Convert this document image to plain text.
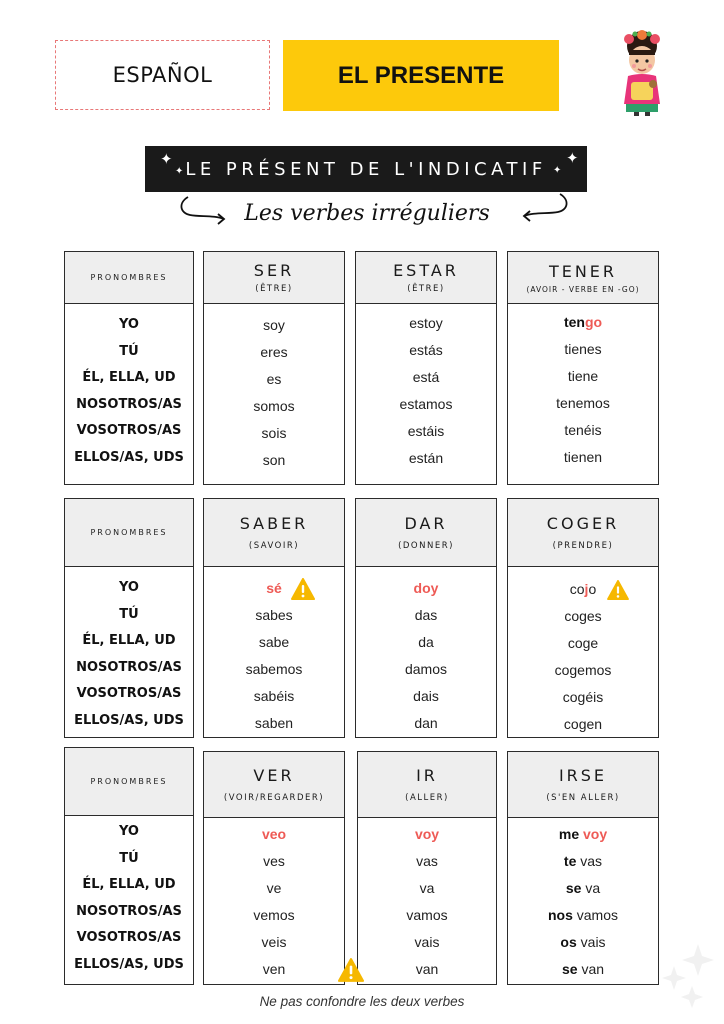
ESPAÑOL	EL PRESENTE
LE PRÉSENT DE L'INDICATIF
✦
✦
✦
✦
Les verbes irréguliers
PRONOMBRES
YO
TÚ
ÉL, ELLA, UD
NOSOTROS/AS
VOSOTROS/AS
ELLOS/AS, UDS
SER
(ÊTRE)
soy
eres
es
somos
sois
son
ESTAR
(ÊTRE)
estoy
estás
está
estamos
estáis
están
TENER
(AVOIR - VERBE EN -GO)
tengo
tienes
tiene
tenemos
tenéis
tienen
PRONOMBRES
YO
TÚ
ÉL, ELLA, UD
NOSOTROS/AS
VOSOTROS/AS
ELLOS/AS, UDS
SABER
(SAVOIR)
sé
sabes
sabe
sabemos
sabéis
saben
DAR
(DONNER)
doy
das
da
damos
dais
dan
COGER
(PRENDRE)
cojo
coges
coge
cogemos
cogéis
cogen
PRONOMBRES
YO
TÚ
ÉL, ELLA, UD
NOSOTROS/AS
VOSOTROS/AS
ELLOS/AS, UDS
VER
(VOIR/REGARDER)
veo
ves
ve
vemos
veis
ven
IR
(ALLER)
voy
vas
va
vamos
vais
van
IRSE
(S'EN ALLER)
me voy
te vas
se va
nos vamos
os vais
se van
Ne pas confondre les deux verbes
